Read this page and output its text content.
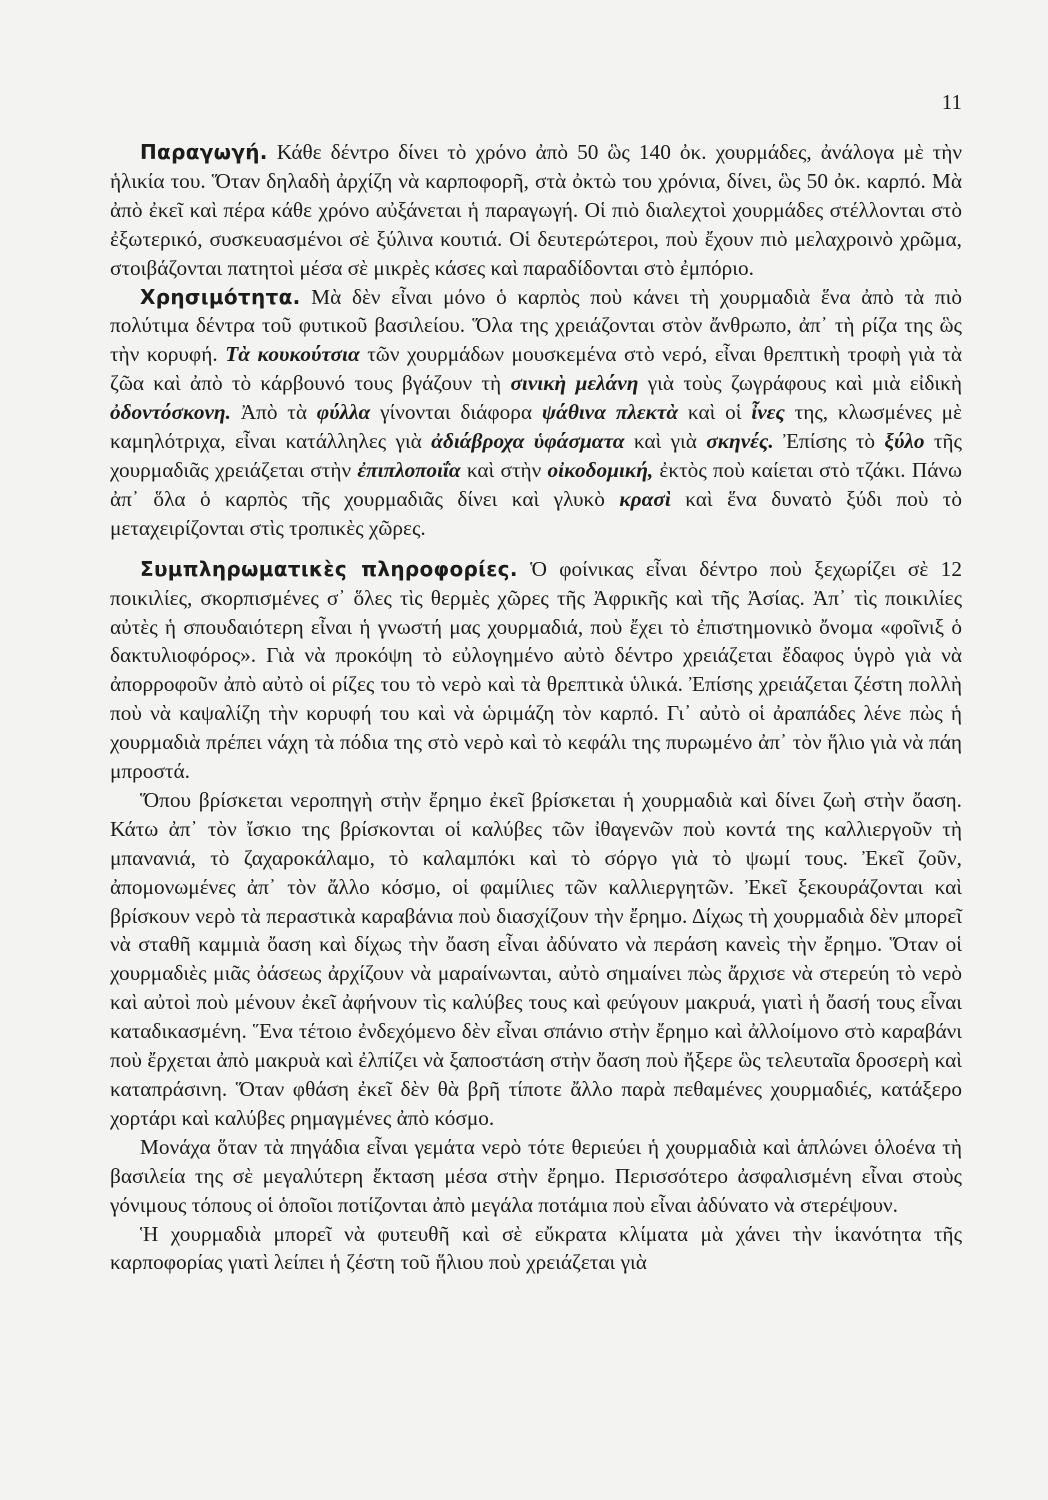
11

Παραγωγή. Κάθε δέντρο δίνει τὸ χρόνο ἀπὸ 50 ὣς 140 ὀκ. χουρμάδες, ἀνάλογα μὲ τὴν ἡλικία του. Ὅταν δηλαδὴ ἀρχίζη νὰ καρποφορῆ, στὰ ὀκτὼ του χρόνια, δίνει, ὣς 50 ὀκ. καρπό. Μὰ ἀπὸ ἐκεῖ καὶ πέρα κάθε χρόνο αὐξάνεται ἡ παραγωγή. Οἱ πιὸ διαλεχτοὶ χουρμάδες στέλλονται στὸ ἐξωτερικό, συσκευασμένοι σὲ ξύλινα κουτιά. Οἱ δευτερώτεροι, ποὺ ἔχουν πιὸ μελαχροινὸ χρῶμα, στοιβάζονται πατητοὶ μέσα σὲ μικρὲς κάσες καὶ παραδίδονται στὸ ἐμπόριο.

Χρησιμότητα. Μὰ δὲν εἶναι μόνο ὁ καρπὸς ποὺ κάνει τὴ χουρμαδιὰ ἕνα ἀπὸ τὰ πιὸ πολύτιμα δέντρα τοῦ φυτικοῦ βασιλείου. Ὅλα της χρειάζονται στὸν ἄνθρωπο, ἀπ᾿ τὴ ρίζα της ὣς τὴν κορυφή. Τὰ κουκούτσια τῶν χουρμάδων μουσκεμένα στὸ νερό, εἶναι θρεπτικὴ τροφὴ γιὰ τὰ ζῶα καὶ ἀπὸ τὸ κάρβουνό τους βγάζουν τὴ σινικὴ μελάνη γιὰ τοὺς ζωγράφους καὶ μιὰ εἰδικὴ ὀδοντόσκονη. Ἀπὸ τὰ φύλλα γίνονται διάφορα ψάθινα πλεκτὰ καὶ οἱ ἶνες της, κλωσμένες μὲ καμηλότριχα, εἶναι κατάλληλες γιὰ ἀδιάβροχα ὑφάσματα καὶ γιὰ σκηνές. Ἐπίσης τὸ ξύλο τῆς χουρμαδιᾶς χρειάζεται στὴν ἐπιπλοποιΐα καὶ στὴν οἰκοδομική, ἐκτὸς ποὺ καίεται στὸ τζάκι. Πάνω ἀπ᾿ ὅλα ὁ καρπὸς τῆς χουρμαδιᾶς δίνει καὶ γλυκὸ κρασὶ καὶ ἕνα δυνατὸ ξύδι ποὺ τὸ μεταχειρίζονται στὶς τροπικὲς χῶρες.

Συμπληρωματικὲς πληροφορίες. Ὁ φοίνικας εἶναι δέντρο ποὺ ξεχωρίζει σὲ 12 ποικιλίες, σκορπισμένες σ᾿ ὅλες τὶς θερμὲς χῶρες τῆς Ἀφρικῆς καὶ τῆς Ἀσίας. Ἀπ᾿ τὶς ποικιλίες αὐτὲς ἡ σπουδαιότερη εἶναι ἡ γνωστή μας χουρμαδιά, ποὺ ἔχει τὸ ἐπιστημονικὸ ὄνομα «φοῖνιξ ὁ δακτυλιοφόρος». Γιὰ νὰ προκόψη τὸ εὐλογημένο αὐτὸ δέντρο χρειάζεται ἔδαφος ὑγρὸ γιὰ νὰ ἀπορροφοῦν ἀπὸ αὐτὸ οἱ ρίζες του τὸ νερὸ καὶ τὰ θρεπτικὰ ὑλικά. Ἐπίσης χρειάζεται ζέστη πολλὴ ποὺ νὰ καψαλίζη τὴν κορυφή του καὶ νὰ ὡριμάζη τὸν καρπό. Γι᾿ αὐτὸ οἱ ἀραπάδες λένε πὼς ἡ χουρμαδιὰ πρέπει νάχη τὰ πόδια της στὸ νερὸ καὶ τὸ κεφάλι της πυρωμένο ἀπ᾿ τὸν ἥλιο γιὰ νὰ πάη μπροστά.

Ὅπου βρίσκεται νεροπηγὴ στὴν ἔρημο ἐκεῖ βρίσκεται ἡ χουρμαδιὰ καὶ δίνει ζωὴ στὴν ὄαση. Κάτω ἀπ᾿ τὸν ἴσκιο της βρίσκονται οἱ καλύβες τῶν ἰθαγενῶν ποὺ κοντά της καλλιεργοῦν τὴ μπανανιά, τὸ ζαχαροκάλαμο, τὸ καλαμπόκι καὶ τὸ σόργο γιὰ τὸ ψωμί τους. Ἐκεῖ ζοῦν, ἀπομονωμένες ἀπ᾿ τὸν ἄλλο κόσμο, οἱ φαμίλιες τῶν καλλιεργητῶν. Ἐκεῖ ξεκουράζονται καὶ βρίσκουν νερὸ τὰ περαστικὰ καραβάνια ποὺ διασχίζουν τὴν ἔρημο. Δίχως τὴ χουρμαδιὰ δὲν μπορεῖ νὰ σταθῆ καμμιὰ ὄαση καὶ δίχως τὴν ὄαση εἶναι ἀδύνατο νὰ περάση κανεὶς τὴν ἔρημο. Ὅταν οἱ χουρμαδιὲς μιᾶς ὀάσεως ἀρχίζουν νὰ μαραίνωνται, αὐτὸ σημαίνει πὼς ἄρχισε νὰ στερεύη τὸ νερὸ καὶ αὐτοὶ ποὺ μένουν ἐκεῖ ἀφήνουν τὶς καλύβες τους καὶ φεύγουν μακρυά, γιατὶ ἡ ὄασή τους εἶναι καταδικασμένη. Ἕνα τέτοιο ἐνδεχόμενο δὲν εἶναι σπάνιο στὴν ἔρημο καὶ ἀλλοίμονο στὸ καραβάνι ποὺ ἔρχεται ἀπὸ μακρυὰ καὶ ἐλπίζει νὰ ξαποστάση στὴν ὄαση ποὺ ἤξερε ὣς τελευταῖα δροσερὴ καὶ καταπράσινη. Ὅταν φθάση ἐκεῖ δὲν θὰ βρῆ τίποτε ἄλλο παρὰ πεθαμένες χουρμαδιές, κατάξερο χορτάρι καὶ καλύβες ρημαγμένες ἀπὸ κόσμο.

Μονάχα ὅταν τὰ πηγάδια εἶναι γεμάτα νερὸ τότε θεριεύει ἡ χουρμαδιὰ καὶ ἁπλώνει ὁλοένα τὴ βασιλεία της σὲ μεγαλύτερη ἔκταση μέσα στὴν ἔρημο. Περισσότερο ἀσφαλισμένη εἶναι στοὺς γόνιμους τόπους οἱ ὁποῖοι ποτίζονται ἀπὸ μεγάλα ποτάμια ποὺ εἶναι ἀδύνατο νὰ στερέψουν.

Ἡ χουρμαδιὰ μπορεῖ νὰ φυτευθῆ καὶ σὲ εὔκρατα κλίματα μὰ χάνει τὴν ἱκανότητα τῆς καρποφορίας γιατὶ λείπει ἡ ζέστη τοῦ ἥλιου ποὺ χρειάζεται γιὰ
